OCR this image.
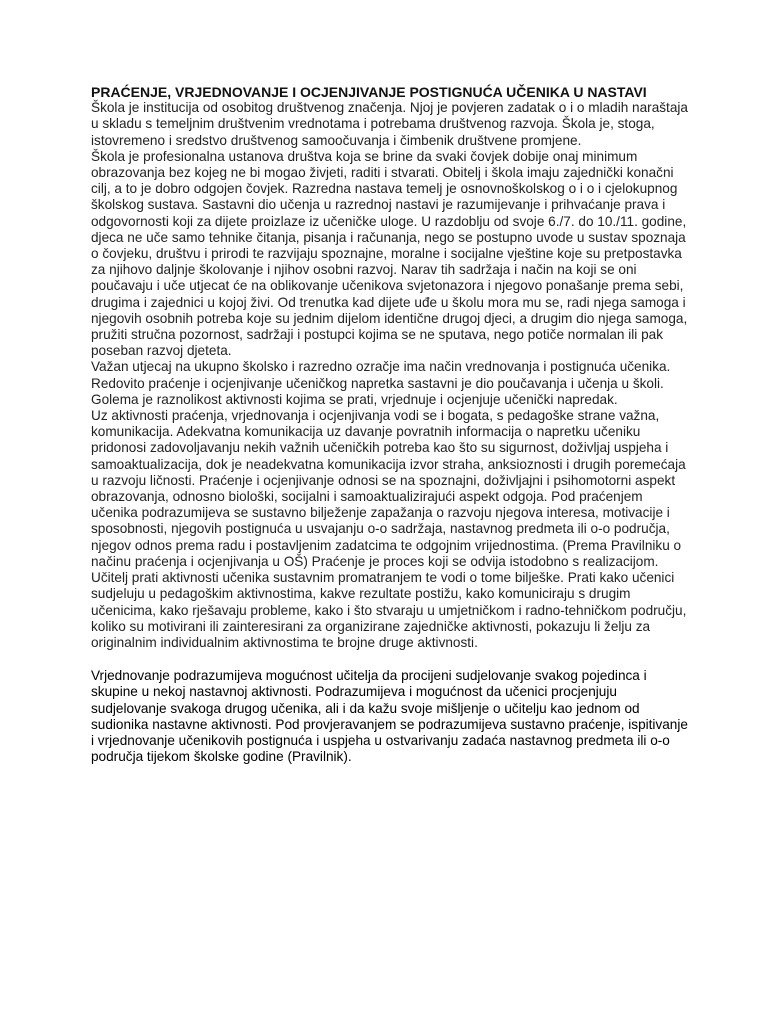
PRAĆENJE, VRJEDNOVANJE I OCJENJIVANJE POSTIGNUĆA UČENIKA U NASTAVI

Škola je institucija od osobitog društvenog značenja. Njoj je povjeren zadatak o i o mladih naraštaja u skladu s temeljnim društvenim vrednotama i potrebama društvenog razvoja. Škola je, stoga, istovremeno i sredstvo društvenog samoočuvanja i čimbenik društvene promjene.

Škola je profesionalna ustanova društva koja se brine da svaki čovjek dobije onaj minimum obrazovanja bez kojeg ne bi mogao živjeti, raditi i stvarati. Obitelj i škola imaju zajednički konačni cilj, a to je dobro odgojen čovjek. Razredna nastava temelj je osnovnoškolskog o i o i cjelokupnog školskog sustava. Sastavni dio učenja u razrednoj nastavi je razumijevanje i prihvaćanje prava i odgovornosti koji za dijete proizlaze iz učeničke uloge. U razdoblju od svoje 6./7. do 10./11. godine, djeca ne uče samo tehnike čitanja, pisanja i računanja, nego se postupno uvode u sustav spoznaja o čovjeku, društvu i prirodi te razvijaju spoznajne, moralne i socijalne vještine koje su pretpostavka za njihovo daljnje školovanje i njihov osobni razvoj. Narav tih sadržaja i način na koji se oni poučavaju i uče utjecat će na oblikovanje učenikova svjetonazora i njegovo ponašanje prema sebi, drugima i zajednici u kojoj živi. Od trenutka kad dijete uđe u školu mora mu se, radi njega samoga i njegovih osobnih potreba koje su jednim dijelom identične drugoj djeci, a drugim dio njega samoga, pružiti stručna pozornost, sadržaji i postupci kojima se ne sputava, nego potiče normalan ili pak poseban razvoj djeteta.

Važan utjecaj na ukupno školsko i razredno ozračje ima način vrednovanja i postignuća učenika. Redovito praćenje i ocjenjivanje učeničkog napretka sastavni je dio poučavanja i učenja u školi. Golema je raznolikost aktivnosti kojima se prati, vrjednuje i ocjenjuje učenički napredak.

Uz aktivnosti praćenja, vrjednovanja i ocjenjivanja vodi se i bogata, s pedagoške strane važna, komunikacija. Adekvatna komunikacija uz davanje povratnih informacija o napretku učeniku pridonosi zadovoljavanju nekih važnih učeničkih potreba kao što su sigurnost, doživljaj uspjeha i samoaktualizacija, dok je neadekvatna komunikacija izvor straha, anksioznosti i drugih poremećaja u razvoju ličnosti. Praćenje i ocjenjivanje odnosi se na spoznajni, doživljajni i psihomotorni aspekt obrazovanja, odnosno biološki, socijalni i samoaktualizirajući aspekt odgoja. Pod praćenjem učenika podrazumijeva se sustavno bilježenje zapažanja o razvoju njegova interesa, motivacije i sposobnosti, njegovih postignuća u usvajanju o-o sadržaja, nastavnog predmeta ili o-o područja, njegov odnos prema radu i postavljenim zadatcima te odgojnim vrijednostima. (Prema Pravilniku o načinu praćenja i ocjenjivanja u OŠ) Praćenje je proces koji se odvija istodobno s realizacijom. Učitelj prati aktivnosti učenika sustavnim promatranjem te vodi o tome bilješke. Prati kako učenici sudjeluju u pedagoškim aktivnostima, kakve rezultate postižu, kako komuniciraju s drugim učenicima, kako rješavaju probleme, kako i što stvaraju u umjetničkom i radno-tehničkom području, koliko su motivirani ili zainteresirani za organizirane zajedničke aktivnosti, pokazuju li želju za originalnim individualnim aktivnostima te brojne druge aktivnosti.

Vrjednovanje podrazumijeva mogućnost učitelja da procijeni sudjelovanje svakog pojedinca i skupine u nekoj nastavnoj aktivnosti. Podrazumijeva i mogućnost da učenici procjenjuju sudjelovanje svakoga drugog učenika, ali i da kažu svoje mišljenje o učitelju kao jednom od sudionika nastavne aktivnosti. Pod provjeravanjem se podrazumijeva sustavno praćenje, ispitivanje i vrjednovanje učenikovih postignuća i uspjeha u ostvarivanju zadaća nastavnog predmeta ili o-o područja tijekom školske godine (Pravilnik).
